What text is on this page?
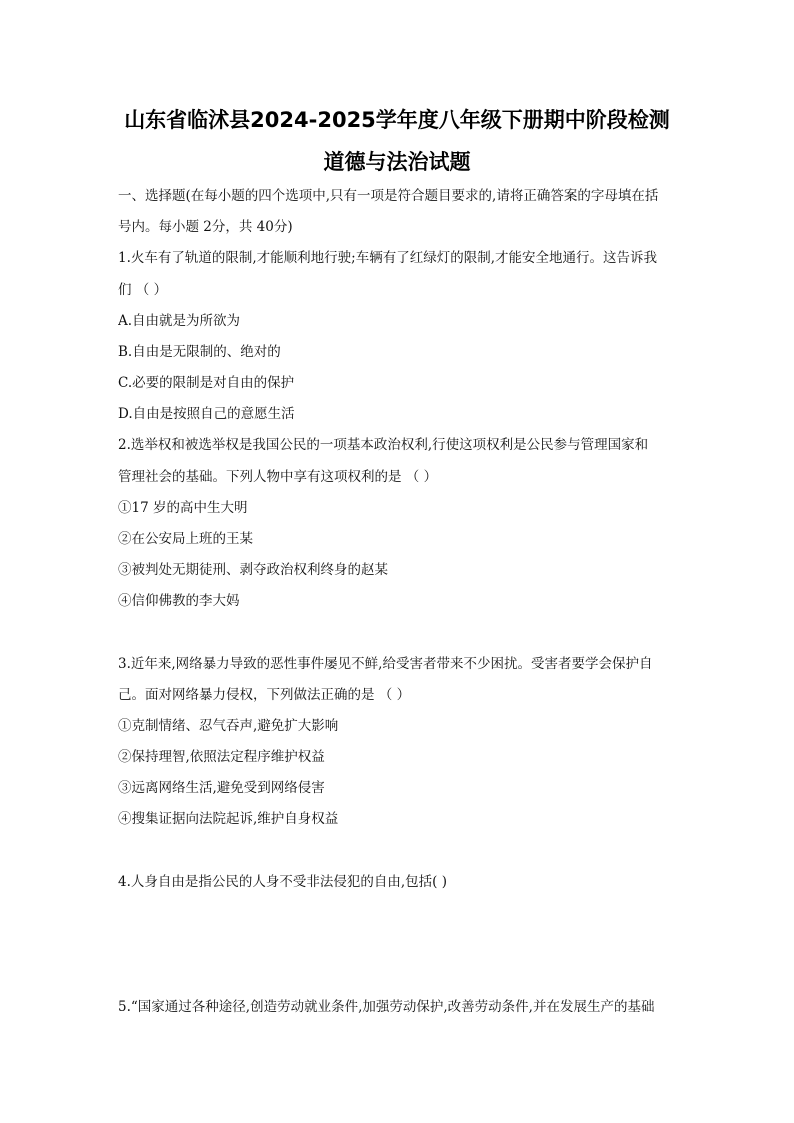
山东省临沭县2024-2025学年度八年级下册期中阶段检测
道德与法治试题
一、选择题(在每小题的四个选项中,只有一项是符合题目要求的,请将正确答案的字母填在括
号内。每小题 2分，共 40分)
1.火车有了轨道的限制,才能顺利地行驶;车辆有了红绿灯的限制,才能安全地通行。这告诉我
们 （ ）
A.自由就是为所欲为
B.自由是无限制的、绝对的
C.必要的限制是对自由的保护
D.自由是按照自己的意愿生活
2.选举权和被选举权是我国公民的一项基本政治权利,行使这项权利是公民参与管理国家和
管理社会的基础。下列人物中享有这项权利的是 （ ）
①17 岁的高中生大明
②在公安局上班的王某
③被判处无期徒刑、剥夺政治权利终身的赵某
④信仰佛教的李大妈
3.近年来,网络暴力导致的恶性事件屡见不鲜,给受害者带来不少困扰。受害者要学会保护自
己。面对网络暴力侵权，下列做法正确的是 （ ）
①克制情绪、忍气吞声,避免扩大影响
②保持理智,依照法定程序维护权益
③远离网络生活,避免受到网络侵害
④搜集证据向法院起诉,维护自身权益
4.人身自由是指公民的人身不受非法侵犯的自由,包括( )
5.“国家通过各种途径,创造劳动就业条件,加强劳动保护,改善劳动条件,并在发展生产的基础
